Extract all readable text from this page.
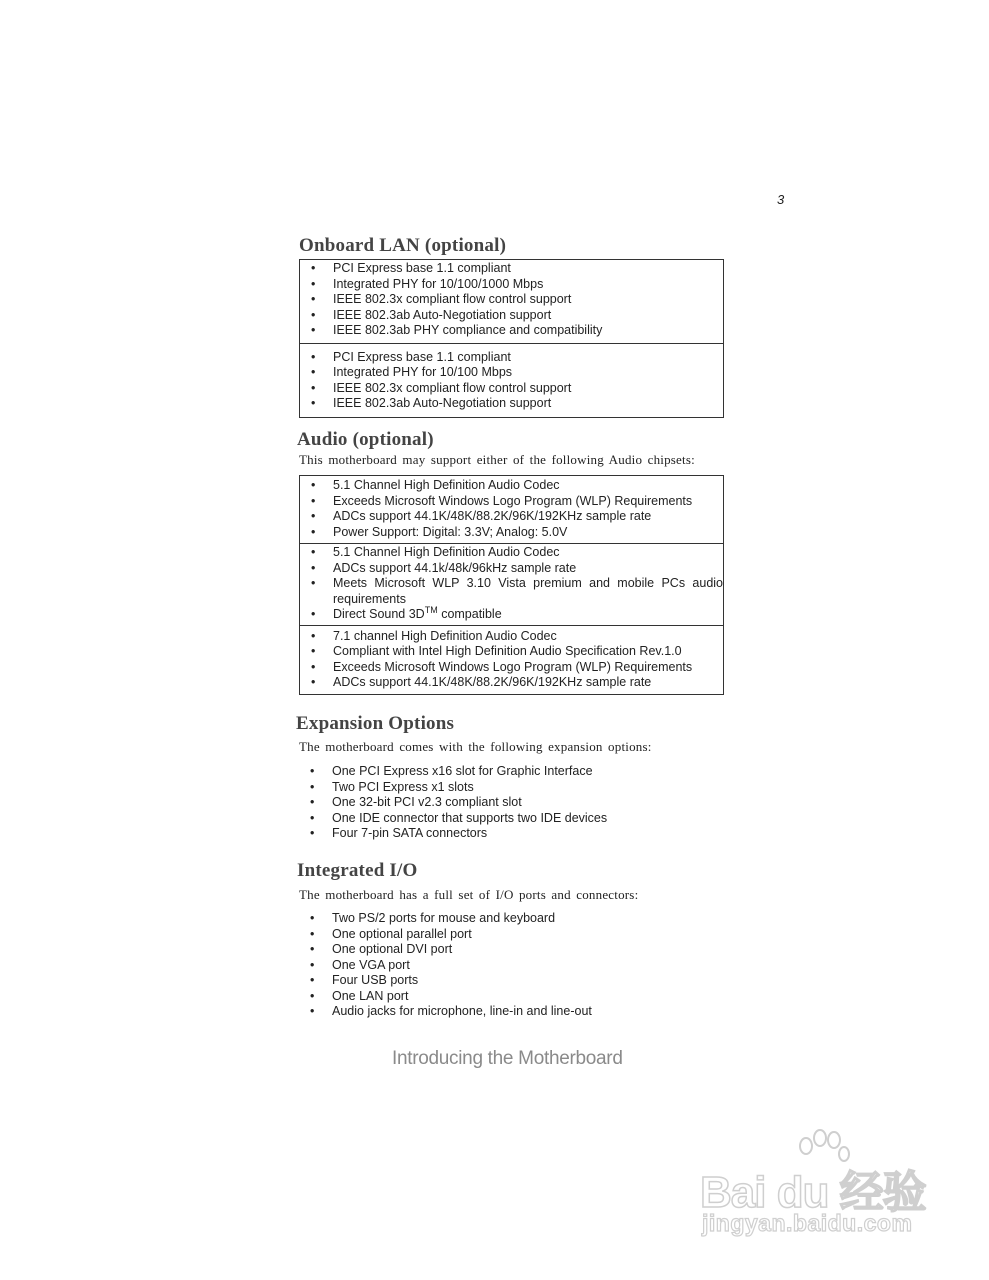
3
Onboard LAN (optional)
• PCI Express base 1.1 compliant
• Integrated PHY for 10/100/1000 Mbps
• IEEE 802.3x compliant flow control support
• IEEE 802.3ab Auto-Negotiation support
• IEEE 802.3ab PHY compliance and compatibility
• PCI Express base 1.1 compliant
• Integrated PHY for 10/100 Mbps
• IEEE 802.3x compliant flow control support
• IEEE 802.3ab Auto-Negotiation support
Audio (optional)
This motherboard may support either of the following Audio chipsets:
• 5.1 Channel High Definition Audio Codec
• Exceeds Microsoft Windows Logo Program (WLP) Requirements
• ADCs support 44.1K/48K/88.2K/96K/192KHz sample rate
• Power Support: Digital: 3.3V; Analog: 5.0V
• 5.1 Channel High Definition Audio Codec
• ADCs support 44.1k/48k/96kHz sample rate
• Meets Microsoft WLP 3.10 Vista premium and mobile PCs audio requirements
• Direct Sound 3D™ compatible
• 7.1 channel High Definition Audio Codec
• Compliant with Intel High Definition Audio Specification Rev.1.0
• Exceeds Microsoft Windows Logo Program (WLP) Requirements
• ADCs support 44.1K/48K/88.2K/96K/192KHz sample rate
Expansion Options
The motherboard comes with the following expansion options:
• One PCI Express x16 slot for Graphic Interface
• Two PCI Express x1 slots
• One 32-bit PCI v2.3 compliant slot
• One IDE connector that supports two IDE devices
• Four 7-pin SATA connectors
Integrated I/O
The motherboard has a full set of I/O ports and connectors:
• Two PS/2 ports for mouse and keyboard
• One optional parallel port
• One optional DVI port
• One VGA port
• Four USB ports
• One LAN port
• Audio jacks for microphone, line-in and line-out
Introducing the Motherboard
Bai du 经验
jingyan.baidu.com
